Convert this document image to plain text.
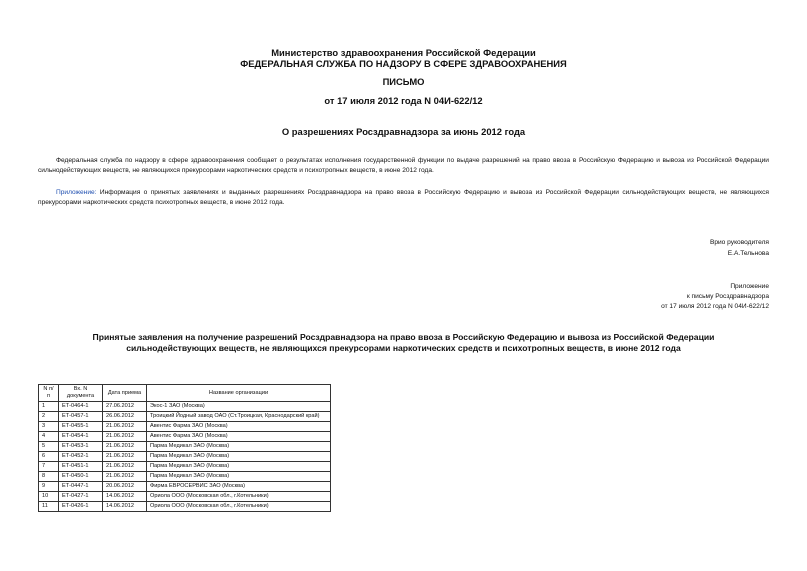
Министерство здравоохранения Российской Федерации
ФЕДЕРАЛЬНАЯ СЛУЖБА ПО НАДЗОРУ В СФЕРЕ ЗДРАВООХРАНЕНИЯ
ПИСЬМО
от 17 июля 2012 года N 04И-622/12
О разрешениях Росздравнадзора за июнь 2012 года
Федеральная служба по надзору в сфере здравоохранения сообщает о результатах исполнения государственной функции по выдаче разрешений на право ввоза в Российскую Федерацию и вывоза из Российской Федерации сильнодействующих веществ, не являющихся прекурсорами наркотических средств и психотропных веществ, в июне 2012 года.
Приложение: Информация о принятых заявлениях и выданных разрешениях Росздравнадзора на право ввоза в Российскую Федерацию и вывоза из Российской Федерации сильнодействующих веществ, не являющихся прекурсорами наркотических средств психотропных веществ, в июне 2012 года.
Врио руководителя
Е.А.Тельнова
Приложение
к письму Росздравнадзора
от 17 июля 2012 года N 04И-622/12
Принятые заявления на получение разрешений Росздравнадзора на право ввоза в Российскую Федерацию и вывоза из Российской Федерации
сильнодействующих веществ, не являющихся прекурсорами наркотических средств и психотропных веществ, в июне 2012 года
N п/п	Вх. N документа	Дата приема	Название организации
1	ЕТ-0464-1	27.06.2012	Экос-1 ЗАО (Москва)
2	ЕТ-0457-1	26.06.2012	Троицкий Йодный завод ОАО (Ст.Троицкая, Краснодарский край)
3	ЕТ-0455-1	21.06.2012	Авентис Фарма ЗАО (Москва)
4	ЕТ-0454-1	21.06.2012	Авентис Фарма ЗАО (Москва)
5	ЕТ-0453-1	21.06.2012	Парма Медикал ЗАО (Москва)
6	ЕТ-0452-1	21.06.2012	Парма Медикал ЗАО (Москва)
7	ЕТ-0451-1	21.06.2012	Парма Медикал ЗАО (Москва)
8	ЕТ-0450-1	21.06.2012	Парма Медикал ЗАО (Москва)
9	ЕТ-0447-1	20.06.2012	Фирма ЕВРОСЕРВИС ЗАО (Москва)
10	ЕТ-0427-1	14.06.2012	Ориола ООО (Московская обл., г.Котельники)
11	ЕТ-0426-1	14.06.2012	Ориола ООО (Московская обл., г.Котельники)
